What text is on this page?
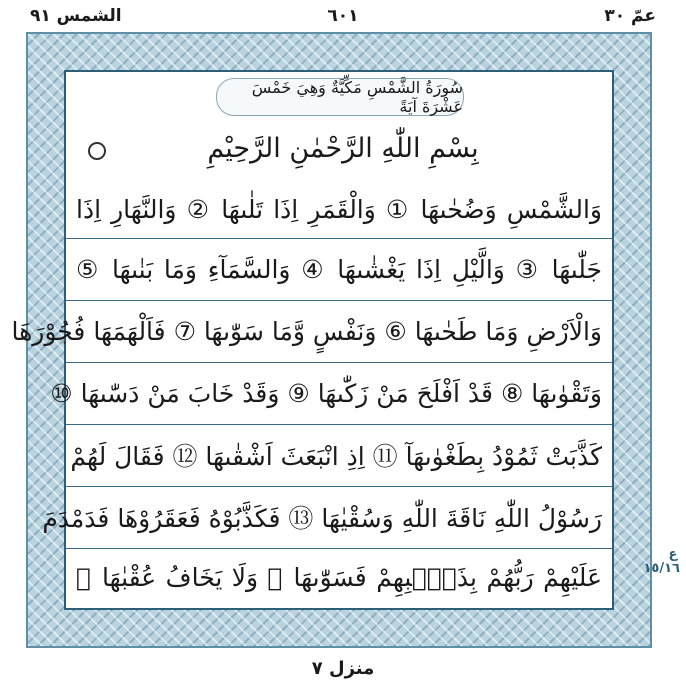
عمّ ٣٠
٦٠١
الشمس ٩١
سُورَةُ الشَّمْسِ مَكِّيَّةٌ وَهِيَ خَمْسَ عَشْرَةَ آيَةً
بِسْمِ اللّٰهِ الرَّحْمٰنِ الرَّحِيْمِ
وَالشَّمْسِ وَضُحٰىهَا ① وَالْقَمَرِ اِذَا تَلٰىهَا ② وَالنَّهَارِ اِذَا
جَلّٰىهَا ③ وَالَّيْلِ اِذَا يَغْشٰىهَا ④ وَالسَّمَآءِ وَمَا بَنٰىهَا ⑤
وَالْاَرْضِ وَمَا طَحٰىهَا ⑥ وَنَفْسٍ وَّمَا سَوّٰىهَا ⑦ فَاَلْهَمَهَا فُجُوْرَهَا
وَتَقْوٰىهَا ⑧ قَدْ اَفْلَحَ مَنْ زَكّٰىهَا ⑨ وَقَدْ خَابَ مَنْ دَسّٰىهَا ⑩
كَذَّبَتْ ثَمُوْدُ بِطَغْوٰىهَآ ⑪ اِذِ انْبَعَثَ اَشْقٰىهَا ⑫ فَقَالَ لَهُمْ
رَسُوْلُ اللّٰهِ نَاقَةَ اللّٰهِ وَسُقْيٰهَا ⑬ فَكَذَّبُوْهُ فَعَقَرُوْهَا فَدَمْدَمَ
عَلَيْهِمْ رَبُّهُمْ بِذَنْۢبِهِمْ فَسَوّٰىهَا ⑭ وَلَا يَخَافُ عُقْبٰهَا ⑮
ع ١٥/١٦
منزل ٧
